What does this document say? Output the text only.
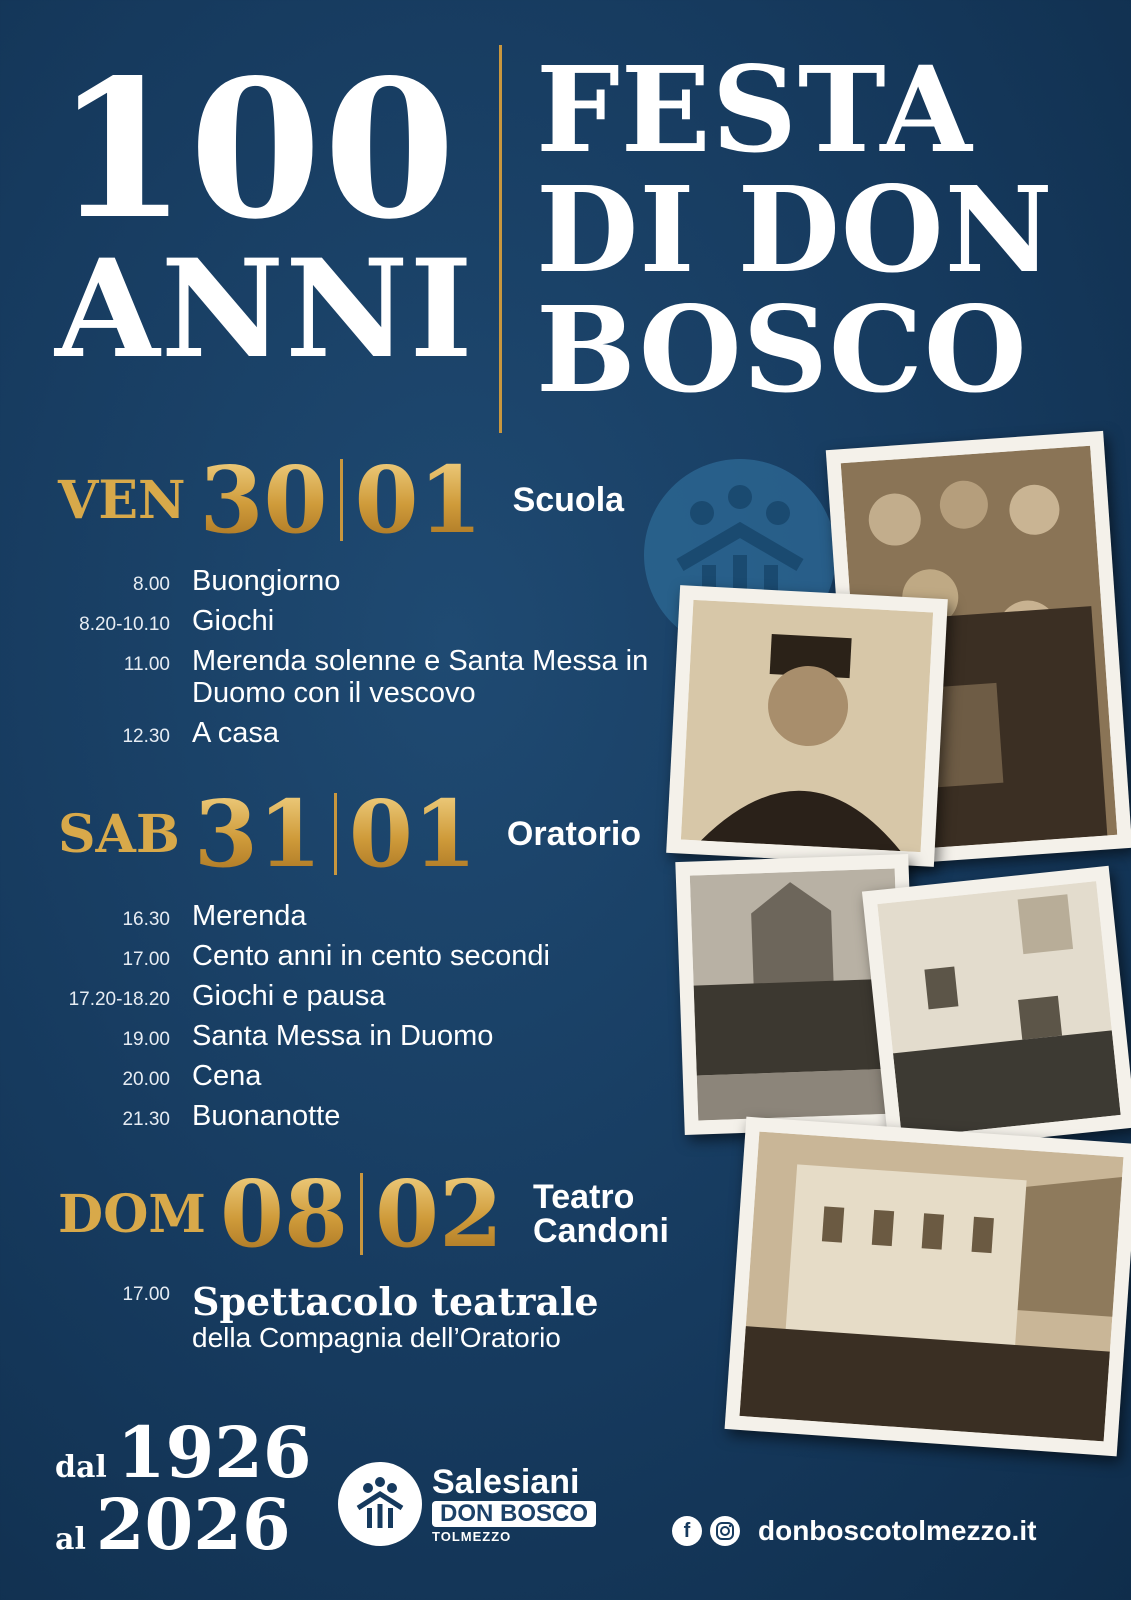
100
ANNI
FESTA
DI DON
BOSCO
VEN 30 01 Scuola
8.00 Buongiorno
8.20-10.10 Giochi
11.00 Merenda solenne e Santa Messa in Duomo con il vescovo
12.30 A casa
SAB 31 01 Oratorio
16.30 Merenda
17.00 Cento anni in cento secondi
17.20-18.20 Giochi e pausa
19.00 Santa Messa in Duomo
20.00 Cena
21.30 Buonanotte
DOM 08 02 Teatro
Candoni
17.00 Spettacolo teatrale
della Compagnia dell’Oratorio
dal 1926
al 2026
Salesiani
DON BOSCO
TOLMEZZO	f	donboscotolmezzo.it
